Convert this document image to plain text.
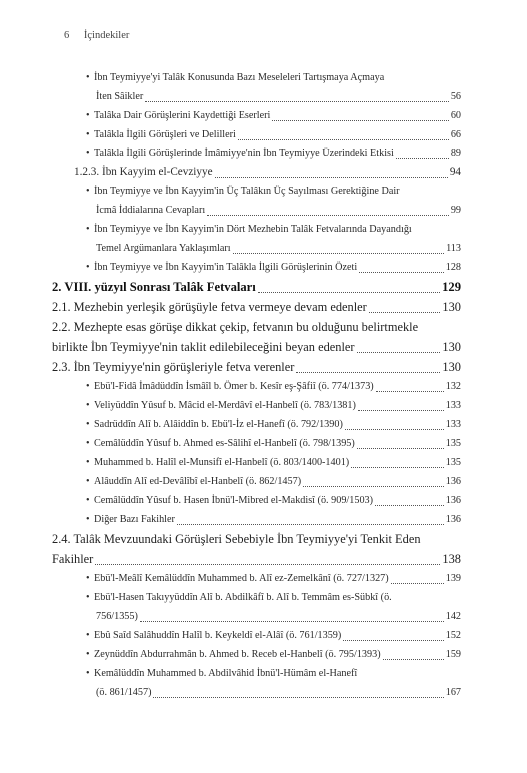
6 İçindekiler
• İbn Teymiyye'yi Talâk Konusunda Bazı Meseleleri Tartışmaya Açmaya
İten Sâikler	56
• Talâka Dair Görüşlerini Kaydettiği Eserleri	60
• Talâkla İlgili Görüşleri ve Delilleri	66
• Talâkla İlgili Görüşlerinde İmâmiyye'nin İbn Teymiyye Üzerindeki Etkisi	89
1.2.3. İbn Kayyim el-Cevziyye	94
• İbn Teymiyye ve İbn Kayyim'in Üç Talâkın Üç Sayılması Gerektiğine Dair
İcmâ İddialarına Cevapları	99
• İbn Teymiyye ve İbn Kayyim'in Dört Mezhebin Talâk Fetvalarında Dayandığı
Temel Argümanlara Yaklaşımları	113
• İbn Teymiyye ve İbn Kayyim'in Talâkla İlgili Görüşlerinin Özeti	128
2. VIII. yüzyıl Sonrası Talâk Fetvaları	129
2.1. Mezhebin yerleşik görüşüyle fetva vermeye devam edenler	130
2.2. Mezhepte esas görüşe dikkat çekip, fetvanın bu olduğunu belirtmekle
birlikte İbn Teymiyye'nin taklit edilebileceğini beyan edenler	130
2.3. İbn Teymiyye'nin görüşleriyle fetva verenler	130
• Ebü'l-Fidâ İmâdüddîn İsmâîl b. Ömer b. Kesîr eş-Şâfiî (ö. 774/1373)	132
• Veliyüddîn Yûsuf b. Mâcid el-Merdâvî el-Hanbelî (ö. 783/1381)	133
• Sadrüddîn Alî b. Alâiddîn b. Ebü'l-İz el-Hanefî (ö. 792/1390)	133
• Cemâlüddîn Yûsuf b. Ahmed es-Sâlihî el-Hanbelî (ö. 798/1395)	135
• Muhammed b. Halîl el-Munsifî el-Hanbelî (ö. 803/1400-1401)	135
• Alâuddîn Alî ed-Devâlîbî el-Hanbelî (ö. 862/1457)	136
• Cemâlüddîn Yûsuf b. Hasen İbnü'l-Mibred el-Makdisî (ö. 909/1503)	136
• Diğer Bazı Fakihler	136
2.4. Talâk Mevzuundaki Görüşleri Sebebiyle İbn Teymiyye'yi Tenkit Eden
Fakihler	138
• Ebü'l-Meâlî Kemâlüddîn Muhammed b. Alî ez-Zemelkânî (ö. 727/1327)	139
• Ebü'l-Hasen Takıyyüddîn Alî b. Abdilkâfî b. Alî b. Temmâm es-Sübkî (ö.
756/1355)	142
• Ebû Saîd Salâhuddîn Halîl b. Keykeldî el-Alâî (ö. 761/1359)	152
• Zeynüddîn Abdurrahmân b. Ahmed b. Receb el-Hanbelî (ö. 795/1393)	159
• Kemâlüddîn Muhammed b. Abdilvâhid İbnü'l-Hümâm el-Hanefî
(ö. 861/1457)	167
